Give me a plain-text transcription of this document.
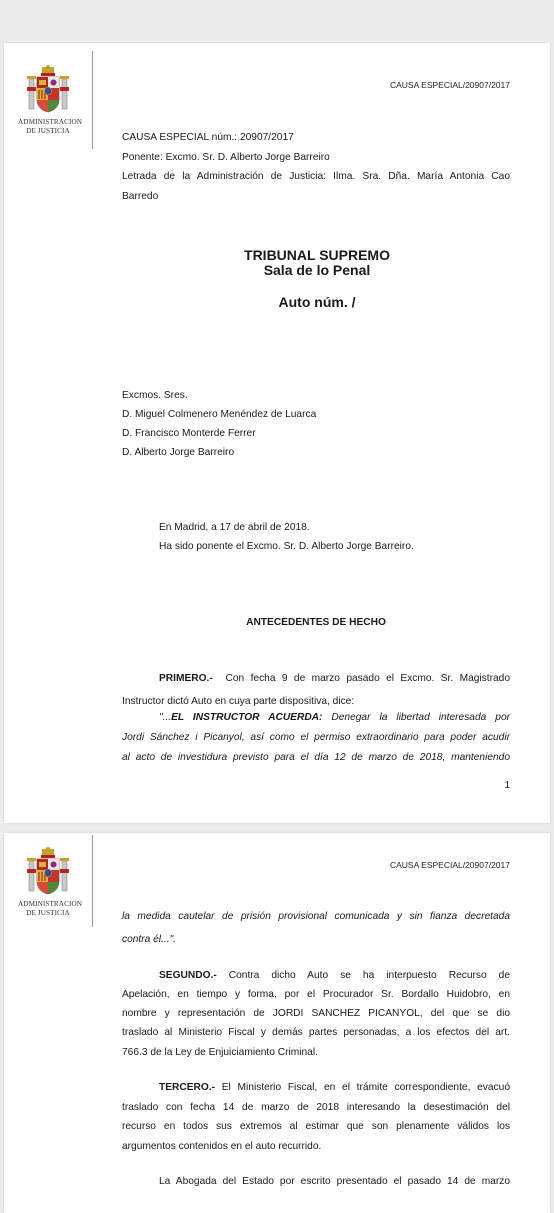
ADMINISTRACION
DE JUSTICIA
CAUSA ESPECIAL/20907/2017
CAUSA ESPECIAL núm.: 20907/2017
Ponente: Excmo. Sr. D. Alberto Jorge Barreiro
Letrada de la Administración de Justicia: Ilma. Sra. Dña. María Antonia Cao
Barredo
TRIBUNAL SUPREMO
Sala de lo Penal
Auto núm. /
Excmos. Sres.
D. Miguel Colmenero Menéndez de Luarca
D. Francisco Monterde Ferrer
D. Alberto Jorge Barreiro
En Madrid, a 17 de abril de 2018.
Ha sido ponente el Excmo. Sr. D. Alberto Jorge Barreiro.
ANTECEDENTES DE HECHO
PRIMERO.- Con fecha 9 de marzo pasado el Excmo. Sr. Magistrado
Instructor dictó Auto en cuya parte dispositiva, dice:
"...EL INSTRUCTOR ACUERDA: Denegar la libertad interesada por
Jordi Sánchez i Picanyol, así como el permiso extraordinario para poder acudir
al acto de investidura previsto para el día 12 de marzo de 2018, manteniendo
1
ADMINISTRACION
DE JUSTICIA
CAUSA ESPECIAL/20907/2017
la medida cautelar de prisión provisional comunicada y sin fianza decretada
contra él...".
SEGUNDO.- Contra dicho Auto se ha interpuesto Recurso de
Apelación, en tiempo y forma, por el Procurador Sr. Bordallo Huidobro, en
nombre y representación de JORDI SANCHEZ PICANYOL, del que se dio
traslado al Ministerio Fiscal y demás partes personadas, a los efectos del art.
766.3 de la Ley de Enjuiciamiento Criminal.
TERCERO.- El Ministerio Fiscal, en el trámite correspondiente, evacuó
traslado con fecha 14 de marzo de 2018 interesando la desestimación del
recurso en todos sus extremos al estimar que son plenamente válidos los
argumentos contenidos en el auto recurrido.
La Abogada del Estado por escrito presentado el pasado 14 de marzo
